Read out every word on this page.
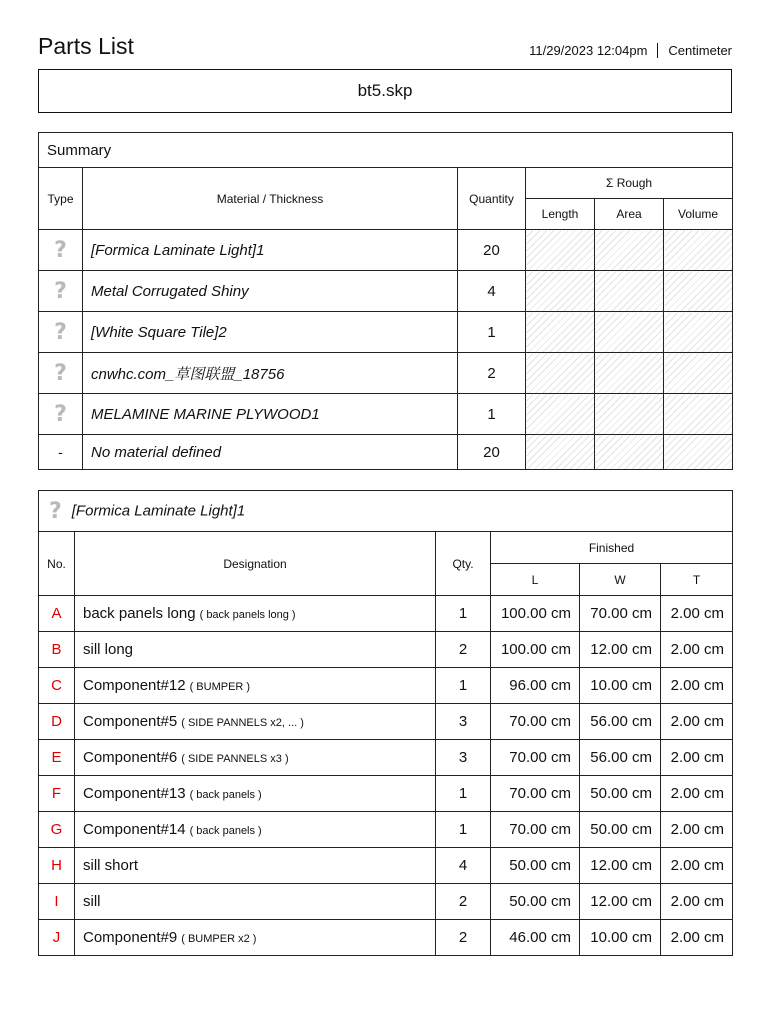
Parts List	11/29/2023 12:04pm Centimeter
bt5.skp
Summary					
Type	Material / Thickness	Quantity	Σ Rough		
			Length	Area	Volume
?	[Formica Laminate Light]1	20			
?	Metal Corrugated Shiny	4			
?	[White Square Tile]2	1			
?	cnwhc.com_草图联盟_18756	2			
?	MELAMINE MARINE PLYWOOD1	1			
-	No material defined	20			
? [Formica Laminate Light]1					
No.	Designation	Qty.	Finished		
			L	W	T
A	back panels long ( back panels long )	1	100.00 cm	70.00 cm	2.00 cm
B	sill long	2	100.00 cm	12.00 cm	2.00 cm
C	Component#12 ( BUMPER )	1	96.00 cm	10.00 cm	2.00 cm
D	Component#5 ( SIDE PANNELS x2, ... )	3	70.00 cm	56.00 cm	2.00 cm
E	Component#6 ( SIDE PANNELS x3 )	3	70.00 cm	56.00 cm	2.00 cm
F	Component#13 ( back panels )	1	70.00 cm	50.00 cm	2.00 cm
G	Component#14 ( back panels )	1	70.00 cm	50.00 cm	2.00 cm
H	sill short	4	50.00 cm	12.00 cm	2.00 cm
I	sill	2	50.00 cm	12.00 cm	2.00 cm
J	Component#9 ( BUMPER x2 )	2	46.00 cm	10.00 cm	2.00 cm
